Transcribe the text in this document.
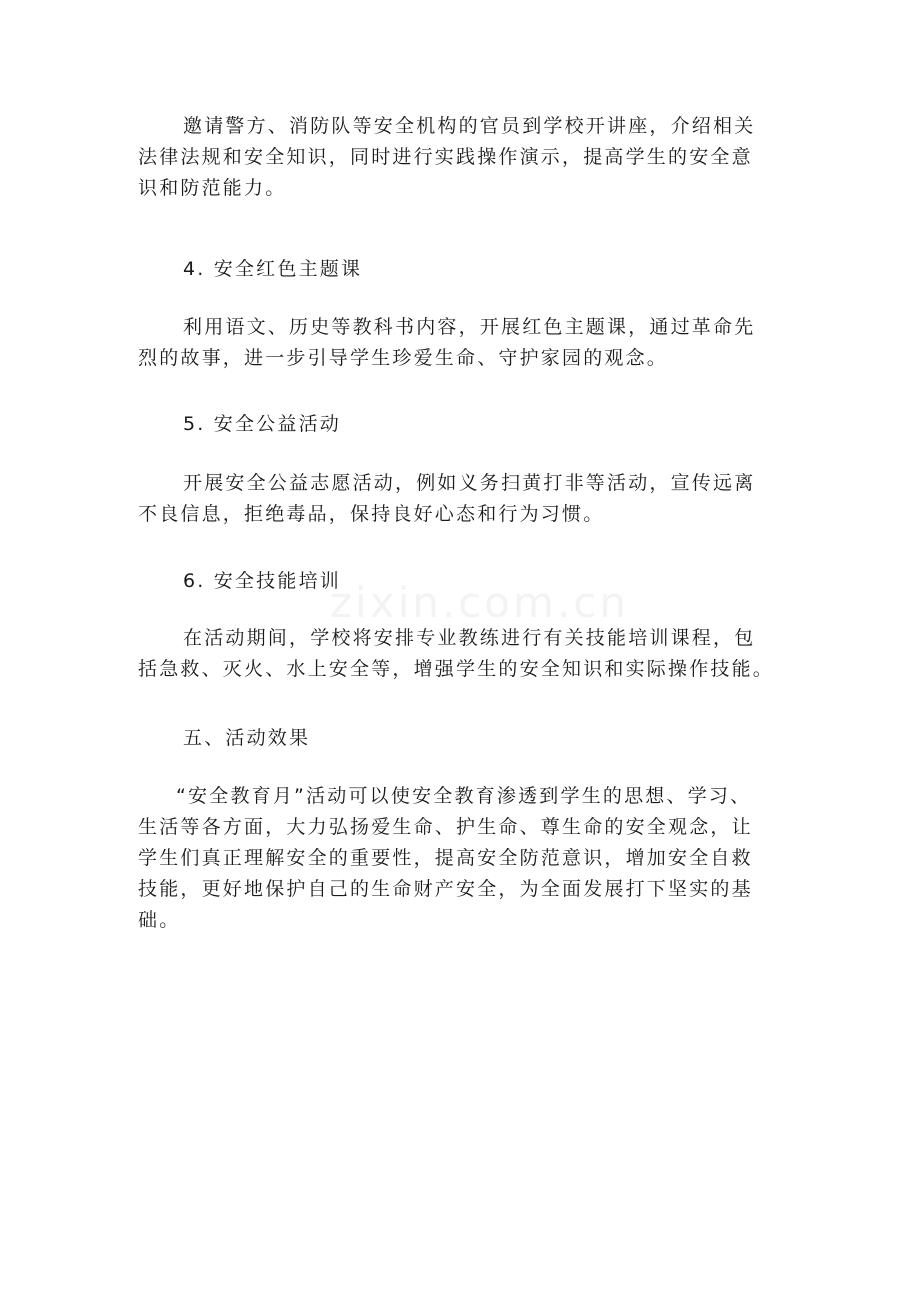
邀请警方、消防队等安全机构的官员到学校开讲座，介绍相关
法律法规和安全知识，同时进行实践操作演示，提高学生的安全意
识和防范能力。
4. 安全红色主题课
利用语文、历史等教科书内容，开展红色主题课，通过革命先
烈的故事，进一步引导学生珍爱生命、守护家园的观念。
5. 安全公益活动
开展安全公益志愿活动，例如义务扫黄打非等活动，宣传远离
不良信息，拒绝毒品，保持良好心态和行为习惯。
6. 安全技能培训
在活动期间，学校将安排专业教练进行有关技能培训课程，包
括急救、灭火、水上安全等，增强学生的安全知识和实际操作技能。
五、活动效果
“安全教育月”活动可以使安全教育渗透到学生的思想、学习、
生活等各方面，大力弘扬爱生命、护生命、尊生命的安全观念，让
学生们真正理解安全的重要性，提高安全防范意识，增加安全自救
技能，更好地保护自己的生命财产安全，为全面发展打下坚实的基
础。
zixin.com.cn
